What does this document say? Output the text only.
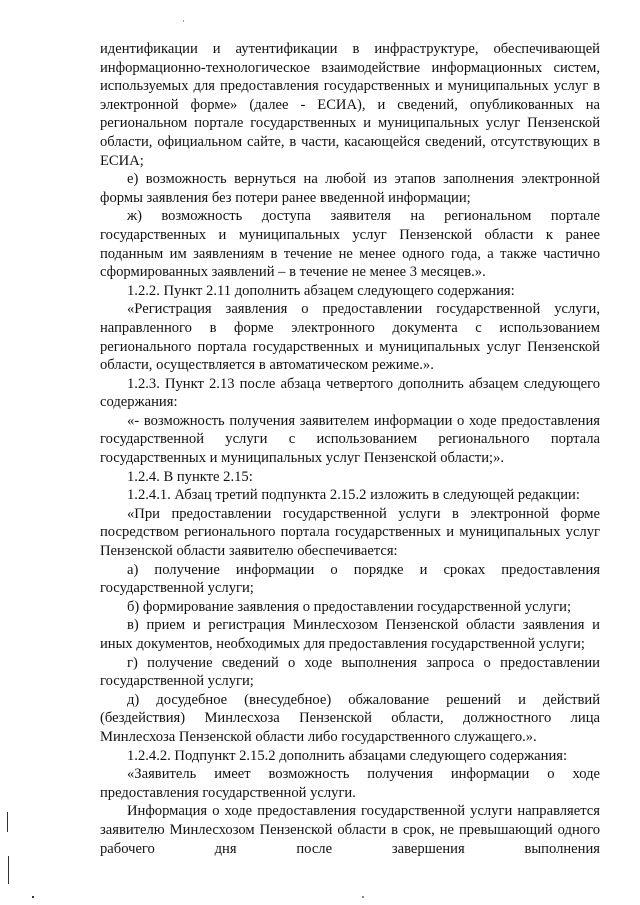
идентификации и аутентификации в инфраструктуре, обеспечивающей информационно-технологическое взаимодействие информационных систем, используемых для предоставления государственных и муниципальных услуг в электронной форме» (далее - ЕСИА), и сведений, опубликованных на региональном портале государственных и муниципальных услуг Пензенской области, официальном сайте, в части, касающейся сведений, отсутствующих в ЕСИА;

е) возможность вернуться на любой из этапов заполнения электронной формы заявления без потери ранее введенной информации;

ж) возможность доступа заявителя на региональном портале государственных и муниципальных услуг Пензенской области к ранее поданным им заявлениям в течение не менее одного года, а также частично сформированных заявлений – в течение не менее 3 месяцев.».

1.2.2. Пункт 2.11 дополнить абзацем следующего содержания:

«Регистрация заявления о предоставлении государственной услуги, направленного в форме электронного документа с использованием регионального портала государственных и муниципальных услуг Пензенской области, осуществляется в автоматическом режиме.».

1.2.3. Пункт 2.13 после абзаца четвертого дополнить абзацем следующего содержания:

«- возможность получения заявителем информации о ходе предоставления государственной услуги с использованием регионального портала государственных и муниципальных услуг Пензенской области;».

1.2.4. В пункте 2.15:

1.2.4.1. Абзац третий подпункта 2.15.2 изложить в следующей редакции:

«При предоставлении государственной услуги в электронной форме посредством регионального портала государственных и муниципальных услуг Пензенской области заявителю обеспечивается:

а) получение информации о порядке и сроках предоставления государственной услуги;

б) формирование заявления о предоставлении государственной услуги;

в) прием и регистрация Минлесхозом Пензенской области заявления и иных документов, необходимых для предоставления государственной услуги;

г) получение сведений о ходе выполнения запроса о предоставлении государственной услуги;

д) досудебное (внесудебное) обжалование решений и действий (бездействия) Минлесхоза Пензенской области, должностного лица Минлесхоза Пензенской области либо государственного служащего.».

1.2.4.2. Подпункт 2.15.2 дополнить абзацами следующего содержания:

«Заявитель имеет возможность получения информации о ходе предоставления государственной услуги.

Информация о ходе предоставления государственной услуги направляется заявителю Минлесхозом Пензенской области в срок, не превышающий одного рабочего дня после завершения выполнения
